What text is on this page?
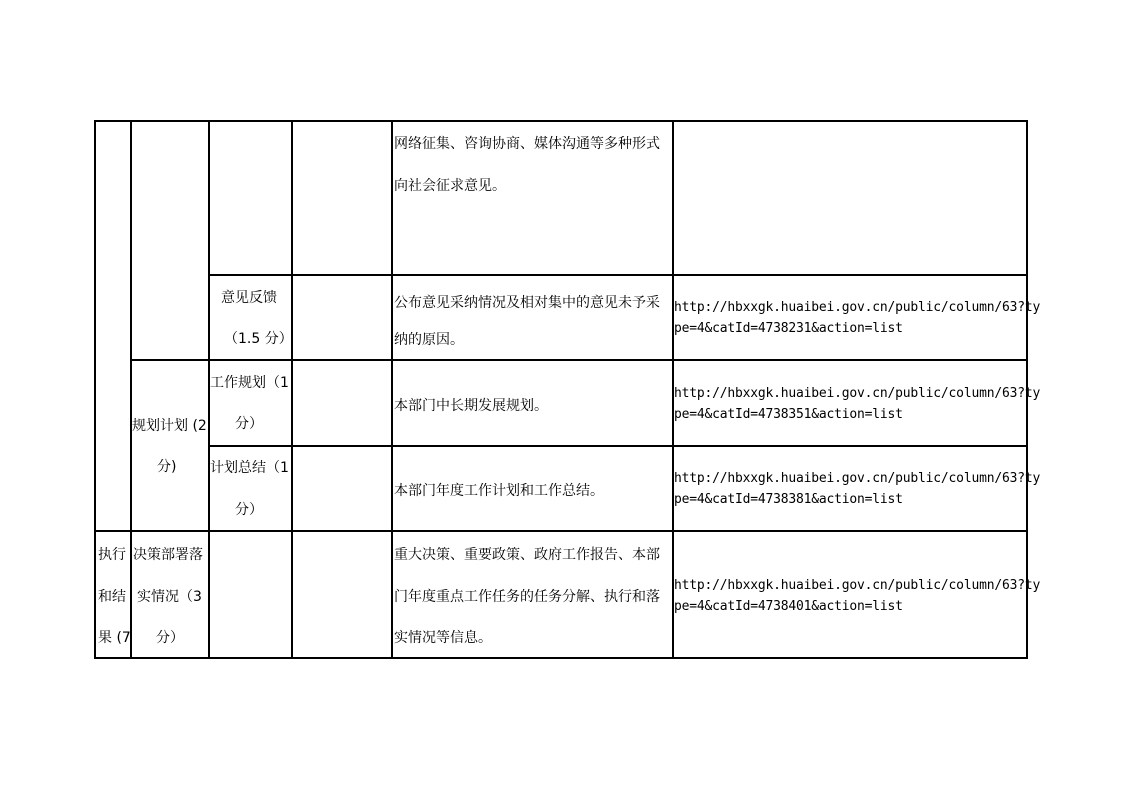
网络征集、咨询协商、媒体沟通等多种形式
向社会征求意见。
意见反馈
（1.5 分）
公布意见采纳情况及相对集中的意见未予采
纳的原因。
http://hbxxgk.huaibei.gov.cn/public/column/63?ty
pe=4&catId=4738231&action=list
规划计划 (2
分)
工作规划（1
分）
本部门中长期发展规划。
http://hbxxgk.huaibei.gov.cn/public/column/63?ty
pe=4&catId=4738351&action=list
计划总结（1
分）
本部门年度工作计划和工作总结。
http://hbxxgk.huaibei.gov.cn/public/column/63?ty
pe=4&catId=4738381&action=list
执行
和结
果 (7
决策部署落
实情况（3
分）
重大决策、重要政策、政府工作报告、本部
门年度重点工作任务的任务分解、执行和落
实情况等信息。
http://hbxxgk.huaibei.gov.cn/public/column/63?ty
pe=4&catId=4738401&action=list
